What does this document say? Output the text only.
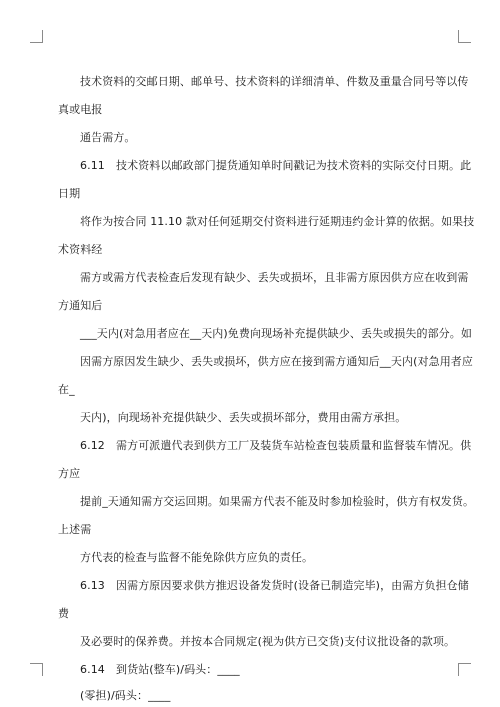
技术资料的交邮日期、邮单号、技术资料的详细清单、件数及重量合同号等以传
真或电报
通告需方。
6.11　技术资料以邮政部门提货通知单时间戳记为技术资料的实际交付日期。此
日期
将作为按合同 11.10 款对任何延期交付资料进行延期违约金计算的依据。如果技
术资料经
需方或需方代表检查后发现有缺少、丢失或损坏，且非需方原因供方应在收到需
方通知后
___天内(对急用者应在__天内)免费向现场补充提供缺少、丢失或损失的部分。如
因需方原因发生缺少、丢失或损坏，供方应在接到需方通知后__天内(对急用者应
在_
天内)，向现场补充提供缺少、丢失或损坏部分，费用由需方承担。
6.12　需方可派遣代表到供方工厂及装货车站检查包装质量和监督装车情况。供
方应
提前_天通知需方交运回期。如果需方代表不能及时参加检验时，供方有权发货。
上述需
方代表的检查与监督不能免除供方应负的责任。
6.13　因需方原因要求供方推迟设备发货时(设备已制造完毕)，由需方负担仓储
费
及必要时的保养费。并按本合同规定(视为供方已交货)支付议批设备的款项。
6.14　到货站(整车)/码头：____
(零担)/码头：____
